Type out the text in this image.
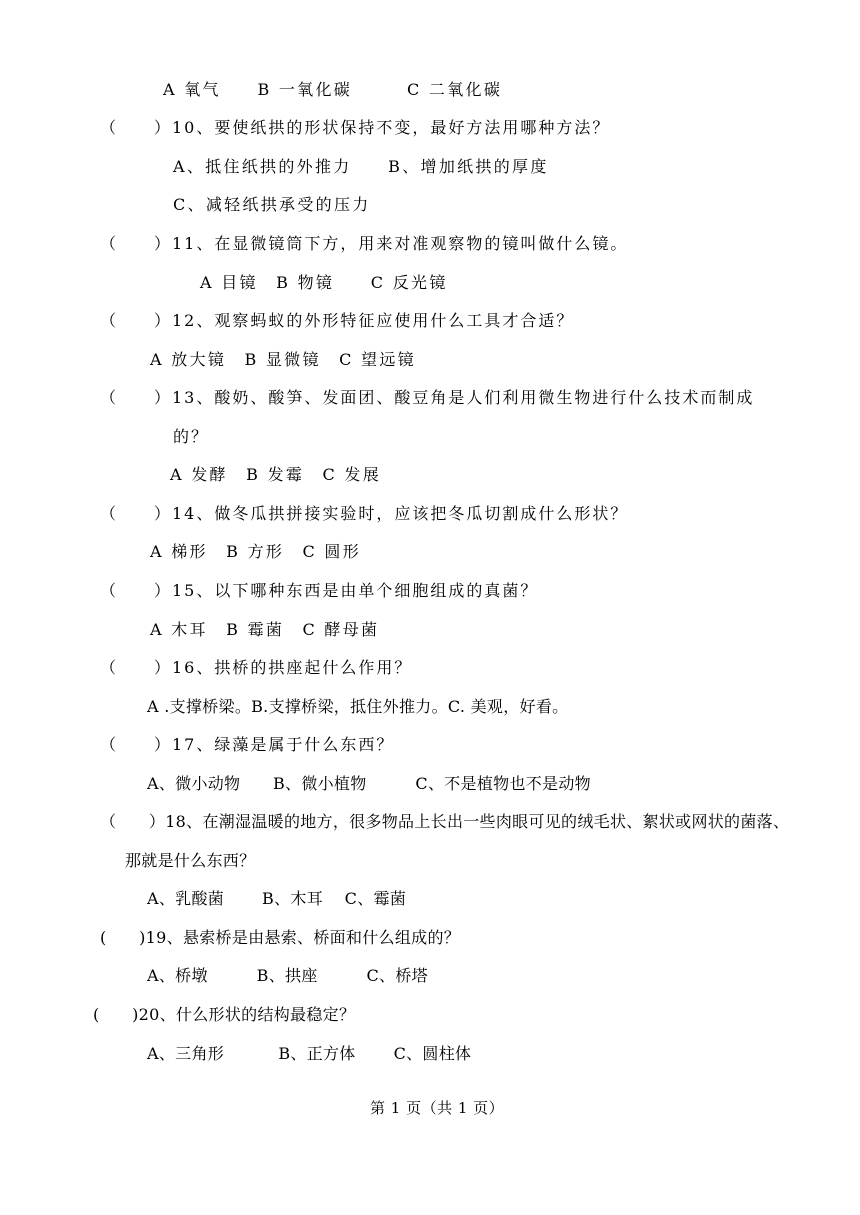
A 氧气　　B 一氧化碳　　　C 二氧化碳
（　　）10、要使纸拱的形状保持不变，最好方法用哪种方法？
A、抵住纸拱的外推力　　B、增加纸拱的厚度
C、减轻纸拱承受的压力
（　　）11、在显微镜筒下方，用来对准观察物的镜叫做什么镜。
A 目镜　B 物镜　　C 反光镜
（　　）12、观察蚂蚁的外形特征应使用什么工具才合适？
A 放大镜　B 显微镜　C 望远镜
（　　）13、酸奶、酸笋、发面团、酸豆角是人们利用微生物进行什么技术而制成
的？
A 发酵　B 发霉　C 发展
（　　）14、做冬瓜拱拼接实验时，应该把冬瓜切割成什么形状？
A 梯形　B 方形　C 圆形
（　　）15、以下哪种东西是由单个细胞组成的真菌？
A 木耳　B 霉菌　C 酵母菌
（　　）16、拱桥的拱座起什么作用？
A .支撑桥梁。B.支撑桥梁，抵住外推力。C. 美观，好看。
（　　）17、绿藻是属于什么东西？
A、微小动物　　B、微小植物　　　C、不是植物也不是动物
（　　）18、在潮湿温暖的地方，很多物品上长出一些肉眼可见的绒毛状、絮状或网状的菌落、
那就是什么东西？
A、乳酸菌　　 B、木耳　 C、霉菌
(　　)19、悬索桥是由悬索、桥面和什么组成的？
A、桥墩　　　B、拱座　　　C、桥塔
(　　)20、什么形状的结构最稳定？
A、三角形　　　 B、正方体　　 C、圆柱体
第 1 页（共 1 页）
